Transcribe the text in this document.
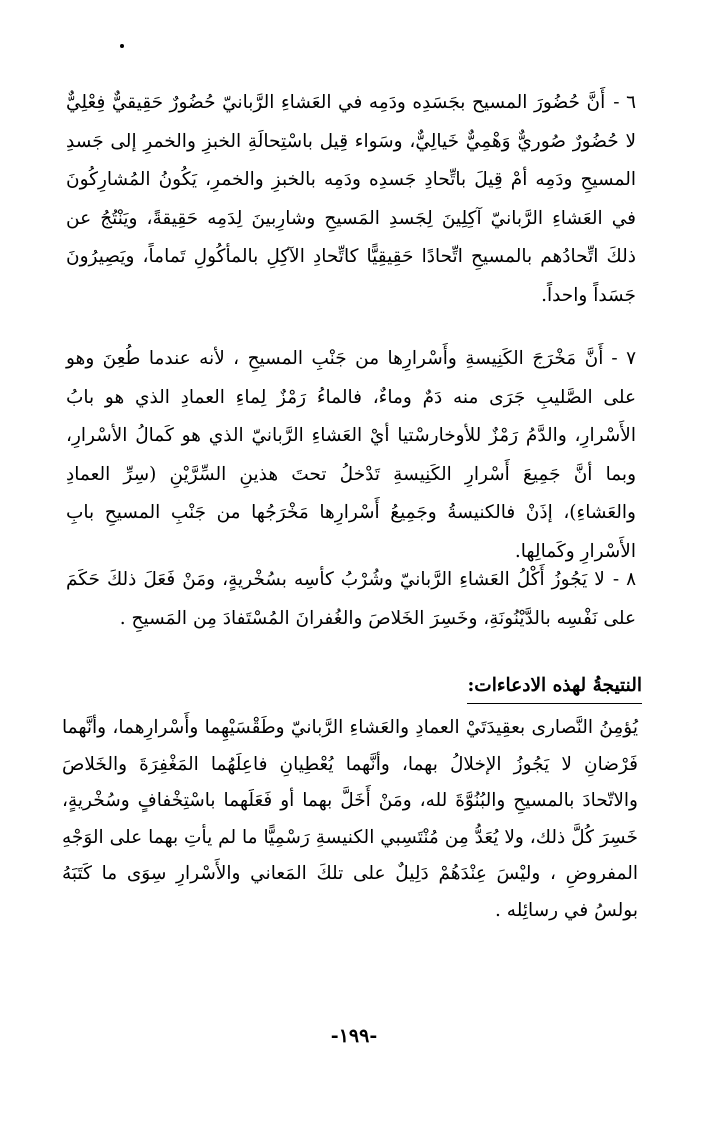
٦ -أَنَّ حُضُورَ المسيح بجَسَدِه ودَمِه في العَشاءِ الرَّبانيّ حُضُورٌ حَقِيقيٌّ فِعْلِيٌّ لا حُضُورٌ صُوريٌّ وَهْمِيٌّ خَيالِيٌّ، وسَواء قِيل باسْتِحالَةِ الخبزِ والخمرِ إلى جَسدِ المسيحِ ودَمِه أمْ قِيلَ باتِّحادِ جَسدِه ودَمِه بالخبزِ والخمرِ، يَكُونُ المُشارِكُونَ في العَشاءِ الرَّبانيّ آكِلِينَ لِجَسدِ المَسيحِ وشارِبينَ لِدَمِه حَقِيقةً، ويَنْتُجُ عن ذلكَ اتِّحادُهم بالمسيحِ اتِّحادًا حَقِيقِيًّا كاتِّحادِ الآكِلِ بالمأكُولِ تَماماً، ويَصِيرُونَ جَسَداً واحداً.
٧ -أَنَّ مَخْرَجَ الكَنِيسةِ وأَسْرارِها من جَنْبِ المسيحِ ، لأنه عندما طُعِنَ وهو على الصَّليبِ جَرَى منه دَمٌ وماءٌ، فالماءُ رَمْزٌ لِماءِ العمادِ الذي هو بابُ الأَسْرارِ، والدَّمُ رَمْزٌ للأوخارسْتيا أيْ العَشاءِ الرَّبانيّ الذي هو كَمالُ الأسْرارِ، وبما أنَّ جَمِيعَ أَسْرارِ الكَنِيسةِ تَدْخلُ تحتَ هذينِ السِّرَّيْنِ (سِرِّ العمادِ والعَشاءِ)، إذَنْ فالكنيسةُ وجَمِيعُ أَسْرارِها مَخْرَجُها من جَنْبِ المسيحِ بابِ الأَسْرارِ وكَمالِها.
٨ -لا يَجُوزُ أَكْلُ العَشاءِ الرَّبانيّ وشُرْبُ كأسِه بسُخْريةٍ، ومَنْ فَعَلَ ذلكَ حَكَمَ على نَفْسِه بالدَّيْنُونَةِ، وخَسِرَ الخَلاصَ والغُفرانَ المُسْتَفادَ مِن المَسيحِ .
النتيجةُ لهذه الادعاءات:
يُؤمِنُ النَّصارى بعقِيدَتَيْ العمادِ والعَشاءِ الرَّبانيّ وطَقْسَيْهِما وأَسْرارِهما، وأنَّهما فَرْضانِ لا يَجُوزُ الإخلالُ بهما، وأنَّهما يُعْطِيانِ فاعِلَهُما المَغْفِرَةَ والخَلاصَ والاتّحادَ بالمسيحِ والبُنُوَّةَ لله، ومَنْ أَخَلَّ بهما أو فَعَلَهما باسْتِخْفافٍ وسُخْريةٍ، خَسِرَ كُلَّ ذلك، ولا يُعَدُّ مِن مُنْتَسِبي الكنيسةِ رَسْمِيًّا ما لم يأتِ بهما على الوَجْهِ المفروضِ ، وليْسَ عِنْدَهُمْ دَلِيلٌ على تلكَ المَعاني والأَسْرارِ سِوَى ما كَتَبَهُ بولسُ في رسائِله .
-١٩٩-
